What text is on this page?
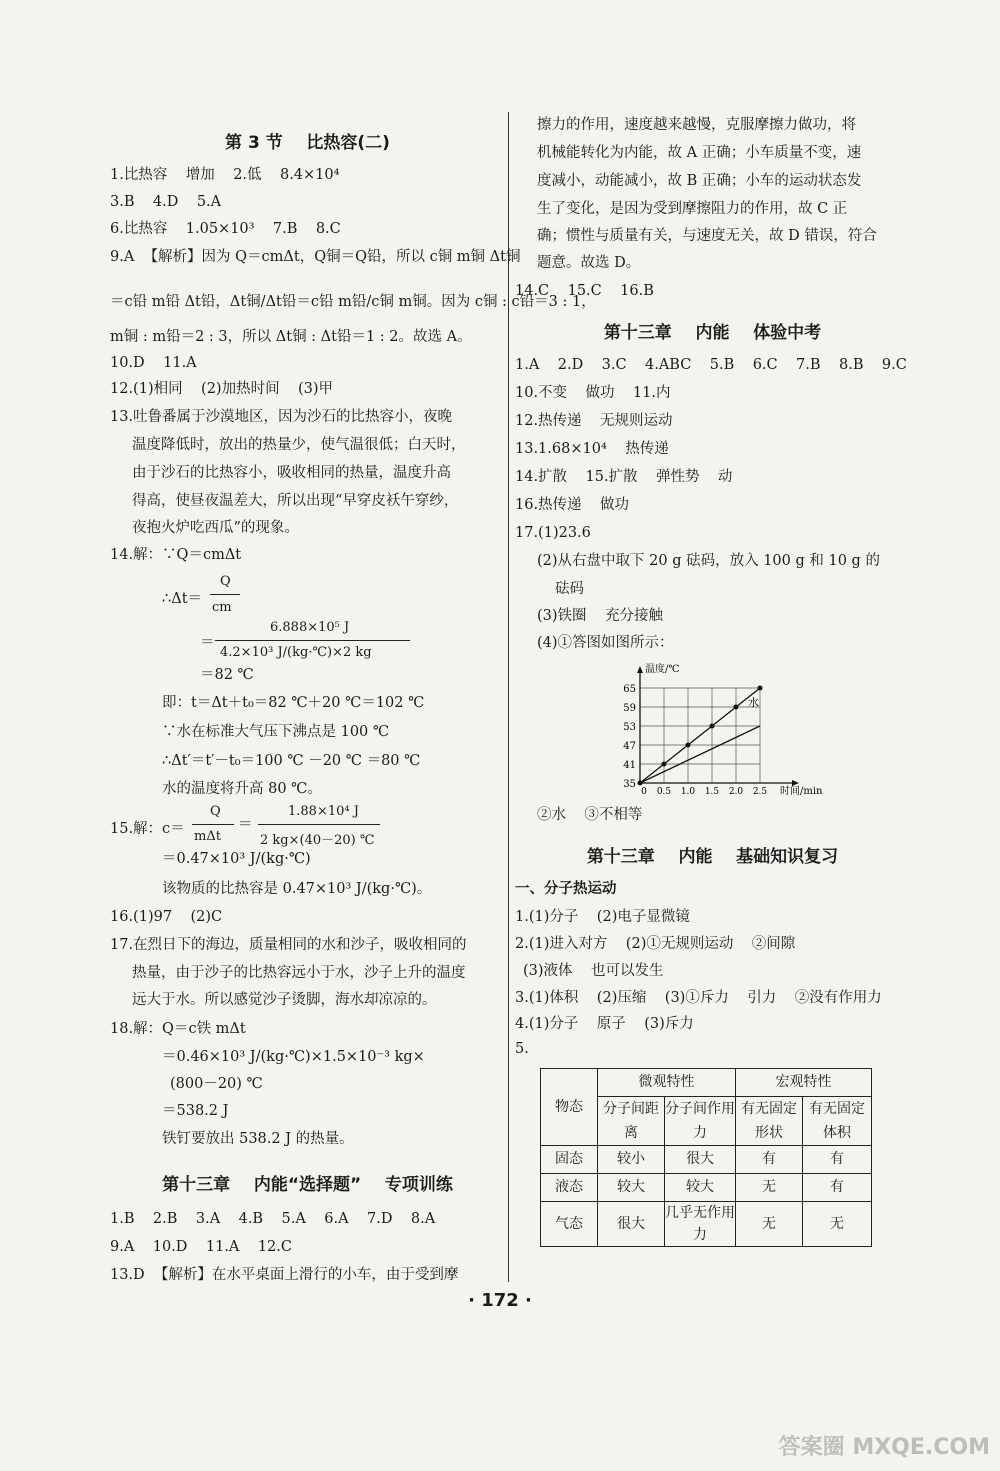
第 3 节    比热容(二)
1.比热容    增加    2.低    8.4×10⁴
3.B    4.D    5.A
6.比热容    1.05×10³    7.B    8.C
9.A  【解析】因为 Q＝cmΔt，Q铜＝Q铅，所以 c铜 m铜 Δt铜
＝c铅 m铅 Δt铅，Δt铜/Δt铅＝c铅 m铅/c铜 m铜。因为 c铜 : c铅＝3 : 1，
m铜 : m铅＝2 : 3，所以 Δt铜 : Δt铅＝1 : 2。故选 A。
10.D    11.A
12.(1)相同    (2)加热时间    (3)甲
13.吐鲁番属于沙漠地区，因为沙石的比热容小，夜晚
温度降低时，放出的热量少，使气温很低；白天时，
由于沙石的比热容小，吸收相同的热量，温度升高
得高，使昼夜温差大，所以出现“早穿皮袄午穿纱，
夜抱火炉吃西瓜”的现象。
14.解：∵Q＝cmΔt
∴Δt＝
Q
cm
＝
6.888×10⁵ J
4.2×10³ J/(kg·℃)×2 kg
＝82 ℃
即：t＝Δt＋t₀＝82 ℃＋20 ℃＝102 ℃
∵水在标准大气压下沸点是 100 ℃
∴Δt′＝t′－t₀＝100 ℃ －20 ℃ ＝80 ℃
水的温度将升高 80 ℃。
15.解：c＝
Q
mΔt
＝
1.88×10⁴ J
2 kg×(40－20) ℃
＝0.47×10³ J/(kg·℃)
该物质的比热容是 0.47×10³ J/(kg·℃)。
16.(1)97    (2)C
17.在烈日下的海边，质量相同的水和沙子，吸收相同的
热量，由于沙子的比热容远小于水，沙子上升的温度
远大于水。所以感觉沙子烫脚，海水却凉凉的。
18.解：Q＝c铁 mΔt
＝0.46×10³ J/(kg·℃)×1.5×10⁻³ kg×
(800－20) ℃
＝538.2 J
铁钉要放出 538.2 J 的热量。
第十三章    内能“选择题”    专项训练
1.B    2.B    3.A    4.B    5.A    6.A    7.D    8.A
9.A    10.D    11.A    12.C
13.D  【解析】在水平桌面上滑行的小车，由于受到摩
擦力的作用，速度越来越慢，克服摩擦力做功，将
机械能转化为内能，故 A 正确；小车质量不变，速
度减小，动能减小，故 B 正确；小车的运动状态发
生了变化，是因为受到摩擦阻力的作用，故 C 正
确；惯性与质量有关，与速度无关，故 D 错误，符合
题意。故选 D。
14.C    15.C    16.B
第十三章    内能    体验中考
1.A    2.D    3.C    4.ABC    5.B    6.C    7.B    8.B    9.C
10.不变    做功    11.内
12.热传递    无规则运动
13.1.68×10⁴    热传递
14.扩散    15.扩散    弹性势    动
16.热传递    做功
17.(1)23.6
(2)从右盘中取下 20 g 砝码，放入 100 g 和 10 g 的
砝码
(3)铁圈    充分接触
(4)①答图如图所示：
温度/℃
时间/min
35
41
47
53
59
65
0 0.5 1.0 1.5 2.0 2.5
水
②水    ③不相等
第十三章    内能    基础知识复习
一、分子热运动
1.(1)分子    (2)电子显微镜
2.(1)进入对方    (2)①无规则运动    ②间隙
(3)液体    也可以发生
3.(1)体积    (2)压缩    (3)①斥力    引力    ②没有作用力
4.(1)分子    原子    (3)斥力
5.
物态	微观特性		宏观特性	
	分子间距离	分子间作用力	有无固定形状	有无固定体积

固态	较小	很大	有	有
液态	较大	较大	无	有
气态	很大	几乎无作用力	无	无
· 172 ·
答案圈 MXQE.COM
